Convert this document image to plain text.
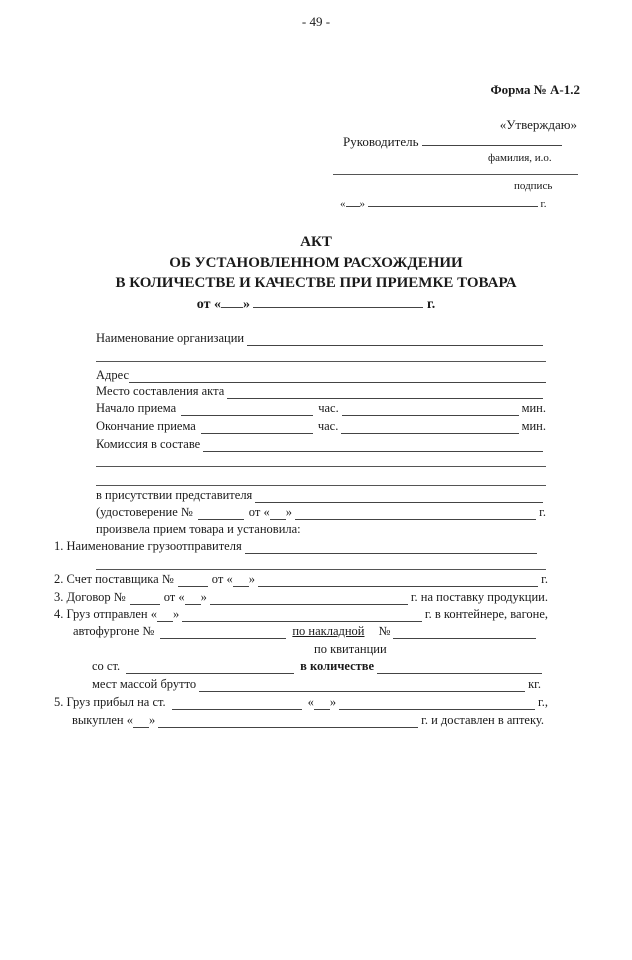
- 49 -
Форма № А-1.2
«Утверждаю»
Руководитель
фамилия, и.о.
подпись
« »	г.
АКТ
ОБ УСТАНОВЛЕННОМ РАСХОЖДЕНИИ
В КОЛИЧЕСТВЕ И КАЧЕСТВЕ ПРИ ПРИЕМКЕ ТОВАРА
от « »	г.
Наименование организации
Адрес
Место составления акта
Начало приема	час.	мин.
Окончание приема	час.	мин.
Комиссия в составе
в присутствии представителя
(удостоверение №	от « »	г.
произвела прием товара и установила:
1. Наименование грузоотправителя
2. Счет поставщика №	от « »	г.
3. Договор №	от « »	г. на поставку продукции.
4. Груз отправлен « »	г. в контейнере, вагоне,
автофургоне №	по накладной №
по квитанции
со ст.	в количестве
мест массой брутто	кг.
5. Груз прибыл на ст.	« »	г.,
выкуплен « »	г. и доставлен в аптеку.
